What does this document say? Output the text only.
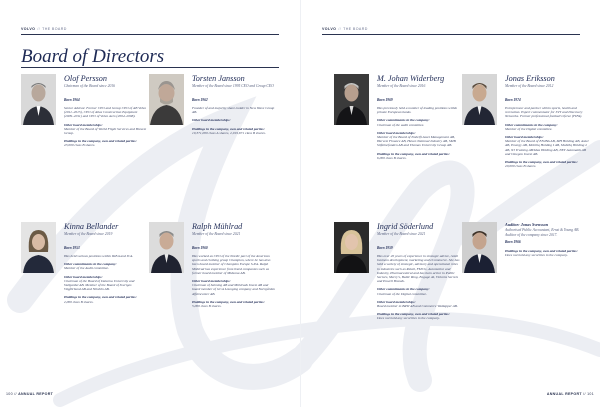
VOLVO // THE BOARD
Board of Directors
Olof Persson
Chairman of the Board since 2016
Born 1964
Senior Advisor. Former CEO and Group CEO of AB Volvo (2011–2015), CEO of Atlas Construction Equipment (2009–2011) and CEO of Volvo Aero (2004–2008).
Other board memberships:
Member of the Board of World Flight Services and Biovest Group.
Holdings in the company, own and related parties:
23,000 class B shares.
Torsten Jansson
Member of the Board since 1995 CEO and Group CEO
Born 1962
Founder of and majority share-holder in New Wave Group AB.
Other board memberships:
Holdings in the company, own and related parties:
19,371,000 class A shares, 2,919,871 class B shares.
Kinna Bellander
Member of the Board since 2019
Born 1953
Has held various positions within IKEA and ICA.
Other commitments in the company:
Member of the Audit committee.
Other board memberships:
Chairman of the Board of Dalarna University and Vallgardet AB. Member of the Board of Sveriges Vägförbund AB and Nilsbön AB.
Holdings in the company, own and related parties:
2,000 class B shares.
Ralph Mühlrad
Member of the Board since 2021
Born 1960
Has worked as CEO of the Nordic part of the American sports and clothing group Champion, where he has also been board member of Champion Europe S.P.A. Ralph Mühlrad has experience from listed companies such as former board member of Midsona AB.
Other board memberships:
Chairman of Salming AB and Mühlrads Invest AB and board member of GCA Lounging company and Norrgården Affärscenter AB.
Holdings in the company, own and related parties:
5,000 class B shares.
100 // ANNUAL REPORT
VOLVO // THE BOARD
M. Johan Widerberg
Member of the Board since 2016
Born 1969
Has previously held a number of leading positions within private European banks.
Other commitments in the company:
Chairman of the audit committee.
Other board memberships:
Member of the Board of Nobelfi Asset Management AB, Harvest Finance AB, Haven National Industry AB, SMB Stiftelsefonden AB and Thomas University Group AB.
Holdings in the company, own and related parties:
6,000 class B shares.
Jonas Eriksson
Member of the Board since 2012
Born 1974
Entrepreneur and partner within sports, health and recreation. Expert commentator for SVT and Discovery Networks. Former professional football referee (FIFA).
Other commitments in the company:
Member of the Digital committee.
Other board memberships:
Member of the Board of ENJBA AB, MH Holding AB, Asker AB, Emergy AB, Mobiliq Holding I AB, Mobiliq Holding 2 AB, NJ Training AB/Idea Holding AB, NET Automatik AB and Omegon Invest AB.
Holdings in the company, own and related parties:
20,000 class B shares.
Ingrid Söderlund
Member of the Board since 2021
Born 1959
Has over 20 years of experience in strategic advice, retail business development, marketing and eCommerce. She has held a variety of strategic, advisory and operational roles in industries such as Retail, FMCG, Automotive and Industry, Pharmaceutical and has been active in Public Sectors, Mercy's, Baltic Ring, Engage AI, Victoria Secrets and Powell Brands.
Other commitments in the company:
Chairman of the Digital committee.
Other board memberships:
Board member in BRW AB and Commerce Wallapper AB.
Holdings in the company, own and related parties:
Does not hold any securities in the company.
Auditor: Jonas Svensson
Authorised Public Accountant, Ernst & Young AB. Auditor of the company since 2017.
Born 1966
Holdings in the company, own and related parties:
Does not hold any securities in the company.
ANNUAL REPORT // 101
